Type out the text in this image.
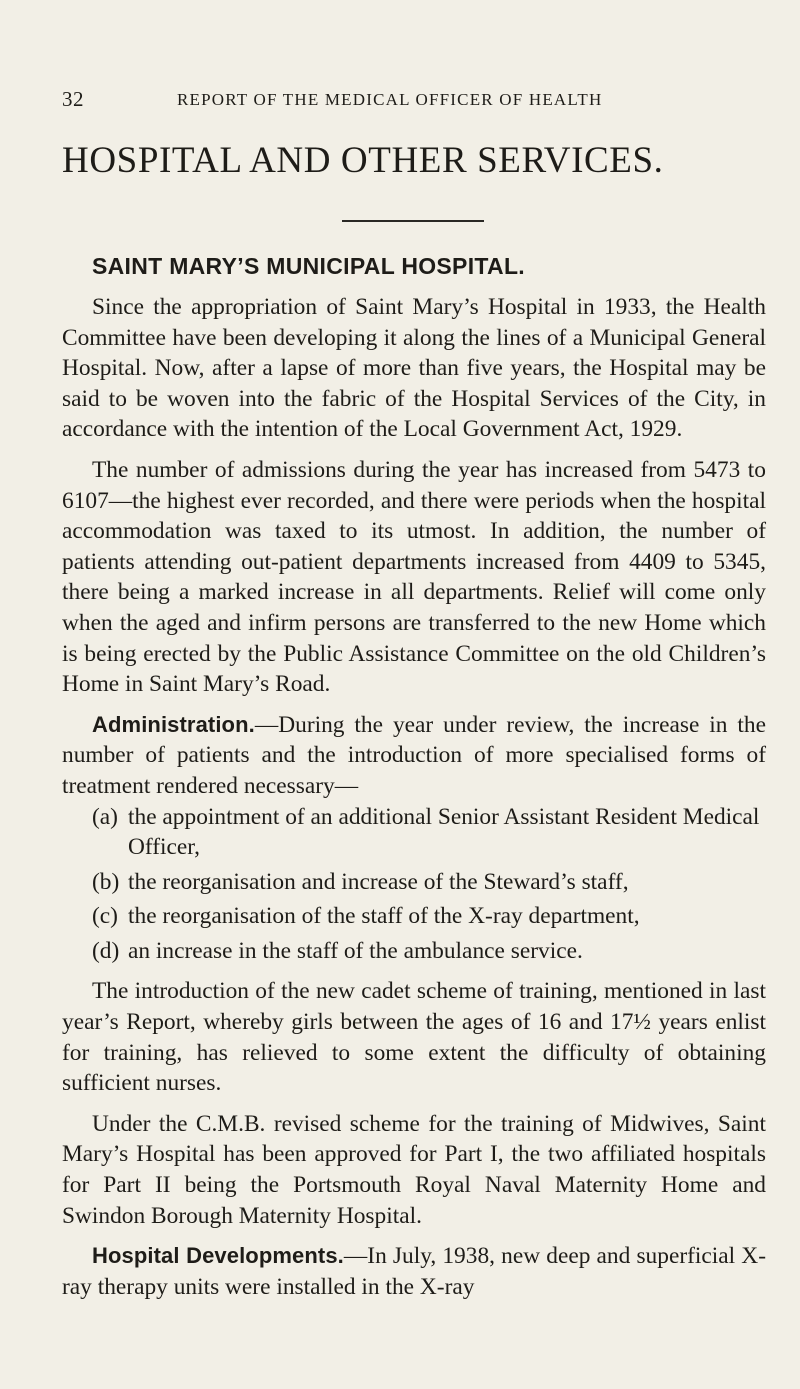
32	REPORT OF THE MEDICAL OFFICER OF HEALTH
HOSPITAL AND OTHER SERVICES.
SAINT MARY’S MUNICIPAL HOSPITAL.

Since the appropriation of Saint Mary’s Hospital in 1933, the Health Committee have been developing it along the lines of a Municipal General Hospital. Now, after a lapse of more than five years, the Hospital may be said to be woven into the fabric of the Hospital Services of the City, in accordance with the intention of the Local Government Act, 1929.

The number of admissions during the year has increased from 5473 to 6107—the highest ever recorded, and there were periods when the hospital accommodation was taxed to its utmost. In addition, the number of patients attending out-patient departments increased from 4409 to 5345, there being a marked increase in all departments. Relief will come only when the aged and infirm persons are transferred to the new Home which is being erected by the Public Assistance Committee on the old Children’s Home in Saint Mary’s Road.

Administration.—During the year under review, the increase in the number of patients and the introduction of more specialised forms of treatment rendered necessary—

(a) the appointment of an additional Senior Assistant Resident Medical Officer,
(b) the reorganisation and increase of the Steward’s staff,
(c) the reorganisation of the staff of the X-ray department,
(d) an increase in the staff of the ambulance service.

The introduction of the new cadet scheme of training, mentioned in last year’s Report, whereby girls between the ages of 16 and 17½ years enlist for training, has relieved to some extent the difficulty of obtaining sufficient nurses.

Under the C.M.B. revised scheme for the training of Midwives, Saint Mary’s Hospital has been approved for Part I, the two affiliated hospitals for Part II being the Portsmouth Royal Naval Maternity Home and Swindon Borough Maternity Hospital.

Hospital Developments.—In July, 1938, new deep and superficial X-ray therapy units were installed in the X-ray
